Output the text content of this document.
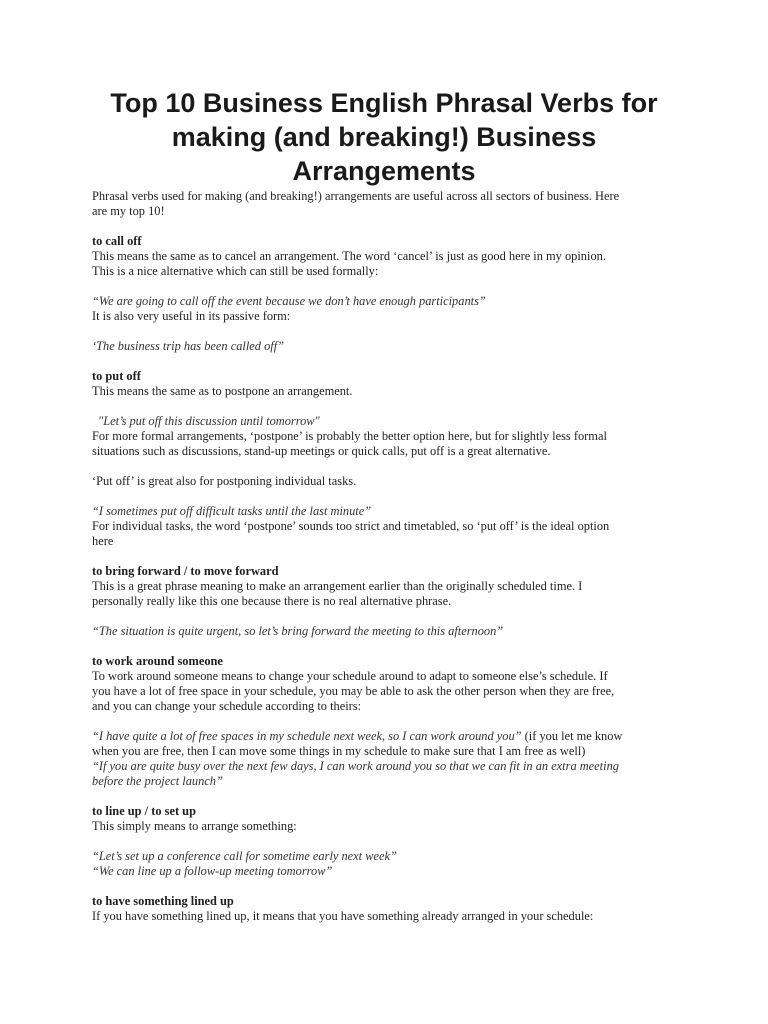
Top 10 Business English Phrasal Verbs for
making (and breaking!) Business
Arrangements

Phrasal verbs used for making (and breaking!) arrangements are useful across all sectors of business. Here
are my top 10!

to call off

This means the same as to cancel an arrangement. The word ‘cancel’ is just as good here in my opinion.
This is a nice alternative which can still be used formally:

“We are going to call off the event because we don’t have enough participants”

It is also very useful in its passive form:

‘The business trip has been called off”

to put off

This means the same as to postpone an arrangement.

"Let’s put off this discussion until tomorrow"

For more formal arrangements, ‘postpone’ is probably the better option here, but for slightly less formal
situations such as discussions, stand-up meetings or quick calls, put off is a great alternative.

‘Put off’ is great also for postponing individual tasks.

“I sometimes put off difficult tasks until the last minute”

For individual tasks, the word ‘postpone’ sounds too strict and timetabled, so ‘put off’ is the ideal option
here

to bring forward / to move forward

This is a great phrase meaning to make an arrangement earlier than the originally scheduled time. I
personally really like this one because there is no real alternative phrase.

“The situation is quite urgent, so let’s bring forward the meeting to this afternoon”

to work around someone

To work around someone means to change your schedule around to adapt to someone else’s schedule. If
you have a lot of free space in your schedule, you may be able to ask the other person when they are free,
and you can change your schedule according to theirs:

“I have quite a lot of free spaces in my schedule next week, so I can work around you” (if you let me know
when you are free, then I can move some things in my schedule to make sure that I am free as well)

“If you are quite busy over the next few days, I can work around you so that we can fit in an extra meeting
before the project launch”

to line up / to set up

This simply means to arrange something:

“Let’s set up a conference call for sometime early next week”

“We can line up a follow-up meeting tomorrow”

to have something lined up

If you have something lined up, it means that you have something already arranged in your schedule:
